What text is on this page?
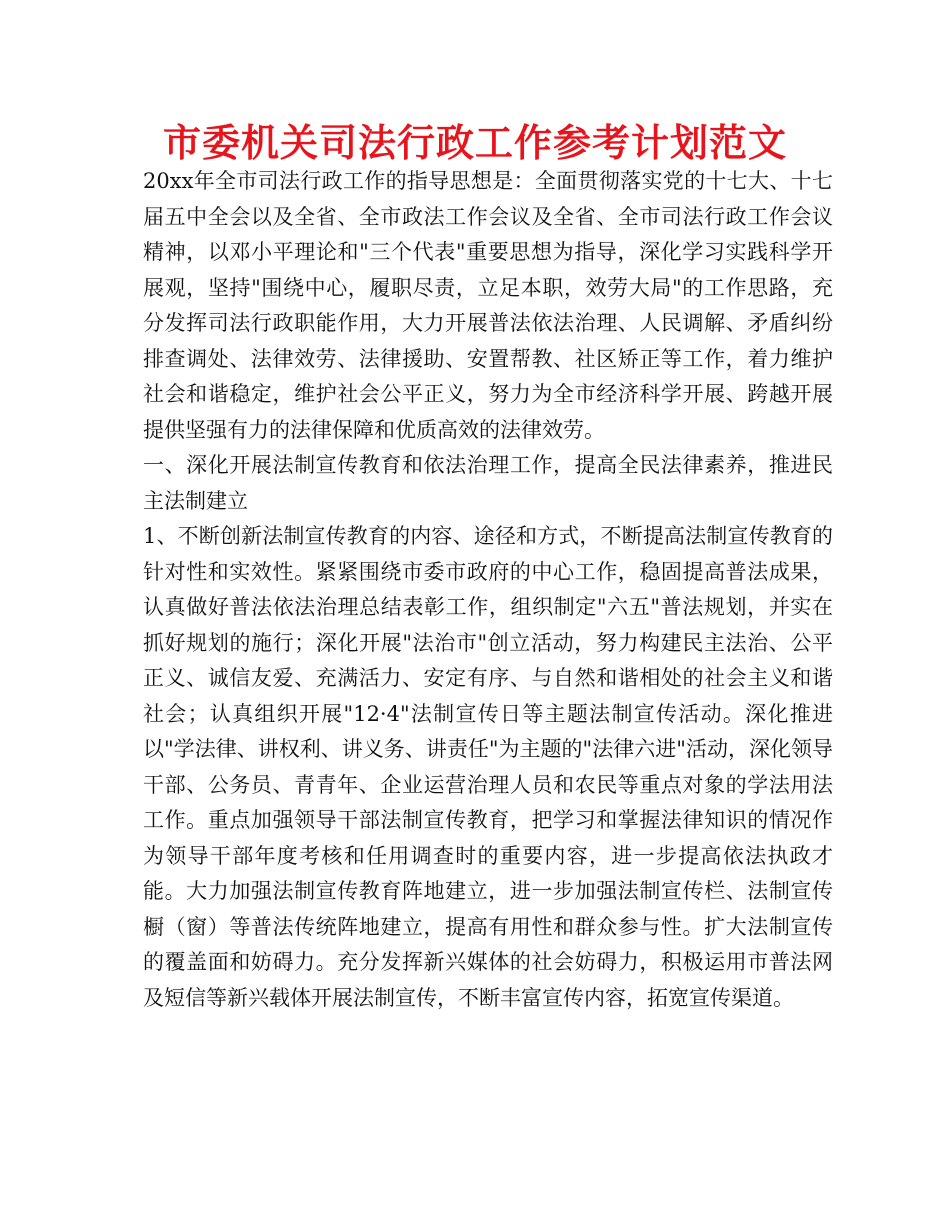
市委机关司法行政工作参考计划范文

20xx年全市司法行政工作的指导思想是：全面贯彻落实党的十七大、十七届五中全会以及全省、全市政法工作会议及全省、全市司法行政工作会议精神，以邓小平理论和"三个代表"重要思想为指导，深化学习实践科学开展观，坚持"围绕中心，履职尽责，立足本职，效劳大局"的工作思路，充分发挥司法行政职能作用，大力开展普法依法治理、人民调解、矛盾纠纷排查调处、法律效劳、法律援助、安置帮教、社区矫正等工作，着力维护社会和谐稳定，维护社会公平正义，努力为全市经济科学开展、跨越开展提供坚强有力的法律保障和优质高效的法律效劳。

一、深化开展法制宣传教育和依法治理工作，提高全民法律素养，推进民主法制建立

1、不断创新法制宣传教育的内容、途径和方式，不断提高法制宣传教育的针对性和实效性。紧紧围绕市委市政府的中心工作，稳固提高普法成果，认真做好普法依法治理总结表彰工作，组织制定"六五"普法规划，并实在抓好规划的施行；深化开展"法治市"创立活动，努力构建民主法治、公平正义、诚信友爱、充满活力、安定有序、与自然和谐相处的社会主义和谐社会；认真组织开展"12·4"法制宣传日等主题法制宣传活动。深化推进以"学法律、讲权利、讲义务、讲责任"为主题的"法律六进"活动，深化领导干部、公务员、青青年、企业运营治理人员和农民等重点对象的学法用法工作。重点加强领导干部法制宣传教育，把学习和掌握法律知识的情况作为领导干部年度考核和任用调查时的重要内容，进一步提高依法执政才能。大力加强法制宣传教育阵地建立，进一步加强法制宣传栏、法制宣传橱（窗）等普法传统阵地建立，提高有用性和群众参与性。扩大法制宣传的覆盖面和妨碍力。充分发挥新兴媒体的社会妨碍力，积极运用市普法网及短信等新兴载体开展法制宣传，不断丰富宣传内容，拓宽宣传渠道。
